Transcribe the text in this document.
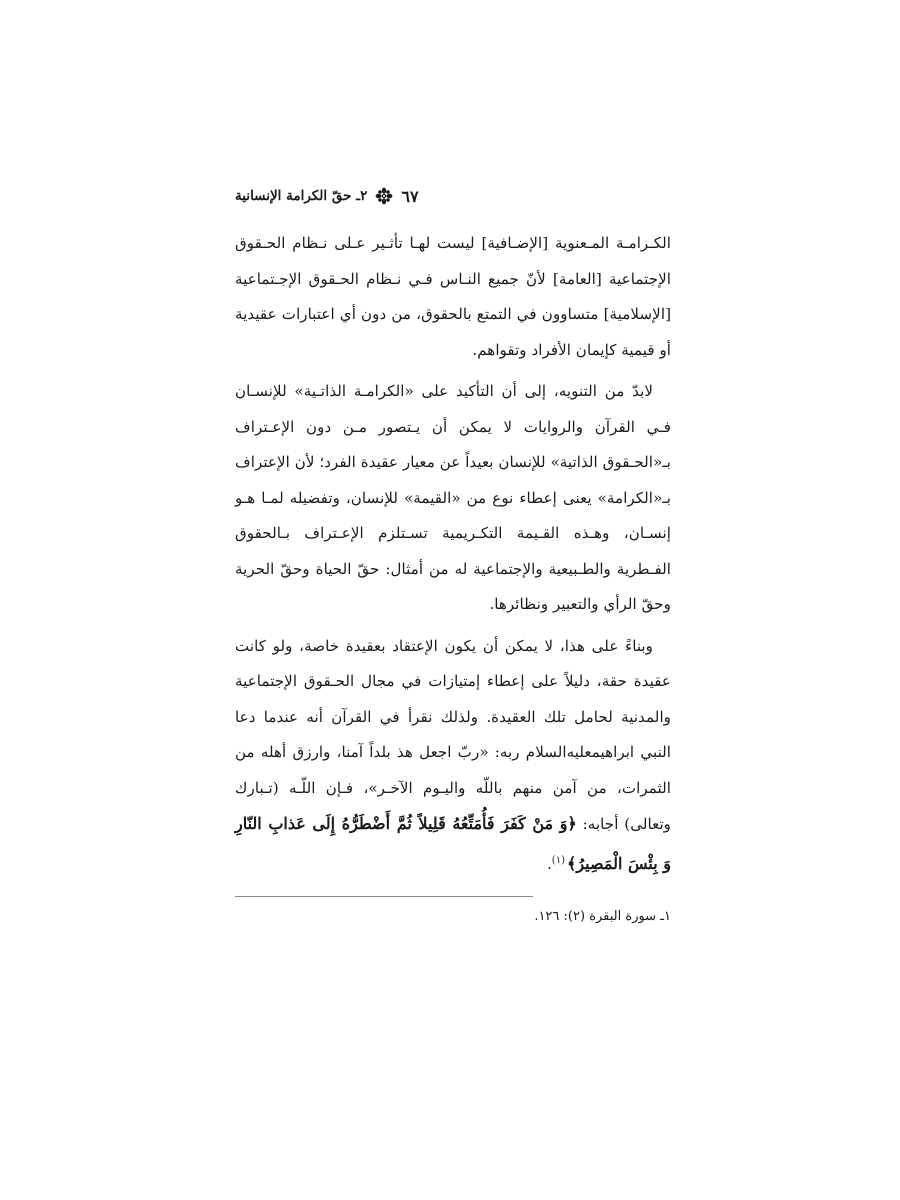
٦٧
٢ـ حقّ الكرامة الإنسانية

الكـرامـة المـعنوية [الإضـافية] ليست لهـا تأثـير عـلى نـظام الحـقوق الإجتماعية [العامة] لأنّ جميع النـاس فـي نـظام الحـقوق الإجـتماعية [الإسلامية] متساوون في التمتع بالحقوق، من دون أي اعتبارات عقيدية أو قيمية كإيمان الأفراد وتقواهم.

لابدّ من التنويه، إلى أن التأكيد على «الكرامـة الذاتـية» للإنسـان فـي القرآن والروايات لا يمكن أن يـتصور مـن دون الإعـتراف بـ«الحـقوق الذاتية» للإنسان بعيداً عن معيار عقيدة الفرد؛ لأن الإعتراف بـ«الكرامة» يعنى إعطاء نوع من «القيمة» للإنسان، وتفضيله لمـا هـو إنسـان، وهـذه القـيمة التكـريمية تسـتلزم الإعـتراف بـالحقوق الفـطرية والطـبيعية والإجتماعية له من أمثال: حقّ الحياة وحقّ الحرية وحقّ الرأي والتعبير ونظائرها.

وبناءً على هذا، لا يمكن أن يكون الإعتقاد بعقيدة خاصة، ولو كانت عقيدة حقة، دليلاً على إعطاء إمتيازات في مجال الحـقوق الإجتماعية والمدنية لحامل تلك العقيدة. ولذلك نقرأ في القرآن أنه عندما دعا النبي ابراهيمعليه‌السلام ربه: «ربّ اجعل هذ بلداً آمنا، وارزق أهله من الثمرات، من آمن منهم باللّه واليـوم الآخـر»، فـإن اللّـه (تـبارك وتعالى) أجابه: ﴿وَ مَنْ كَفَرَ فَأُمَتِّعُهُ قَلِيلاً ثُمَّ أَضْطَرُّهُ إِلَى عَذابِ النّارِ وَ بِئْسَ الْمَصِيرُ﴾$^{(١)}$.

١ـ سورة البقرة (٢): ١٢٦.
